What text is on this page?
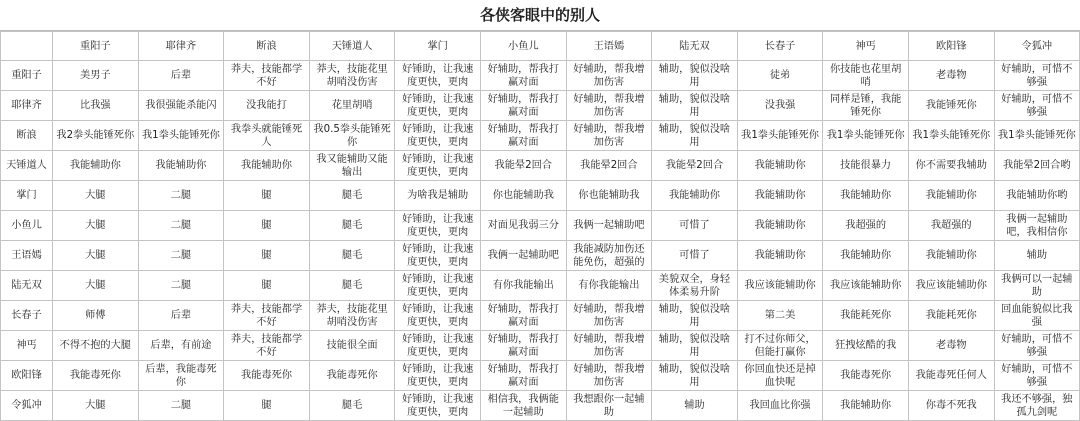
各侠客眼中的别人
	重阳子	耶律齐	断浪	天锤道人	掌门	小鱼儿	王语嫣	陆无双	长春子	神丐	欧阳锋	令狐冲
重阳子	美男子	后辈	莽夫，技能都学不好	莽夫，技能花里胡哨没伤害	好锤助，让我速度更快，更肉	好辅助，帮我打赢对面	好辅助，帮我增加伤害	辅助，貌似没啥用	徒弟	你技能也花里胡哨	老毒物	好辅助，可惜不够强
耶律齐	比我强	我很强能杀能闪	没我能打	花里胡哨	好锤助，让我速度更快，更肉	好辅助，帮我打赢对面	好辅助，帮我增加伤害	辅助，貌似没啥用	没我强	同样是锤，我能锤死你	我能锤死你	好辅助，可惜不够强
断浪	我2拳头能锤死你	我1拳头能锤死你	我拳头就能锤死人	我0.5拳头能锤死你	好锤助，让我速度更快，更肉	好辅助，帮我打赢对面	好辅助，帮我增加伤害	辅助，貌似没啥用	我1拳头能锤死你	我1拳头能锤死你	我1拳头能锤死你	我1拳头能锤死你
天锤道人	我能辅助你	我能辅助你	我能辅助你	我又能辅助又能输出	好锤助，让我速度更快，更肉	我能晕2回合	我能晕2回合	我能晕2回合	我能辅助你	技能很暴力	你不需要我辅助	我能晕2回合哟
掌门	大腿	二腿	腿	腿毛	为啥我是辅助	你也能辅助我	你也能辅助我	我能辅助你	我能辅助你	我能辅助你	我能辅助你	我能辅助你哟
小鱼儿	大腿	二腿	腿	腿毛	好锤助，让我速度更快，更肉	对面见我弱三分	我俩一起辅助吧	可惜了	我能辅助你	我超强的	我超强的	我俩一起辅助吧，我相信你
王语嫣	大腿	二腿	腿	腿毛	好锤助，让我速度更快，更肉	我俩一起辅助吧	我能减防加伤还能免伤，超强的	可惜了	我能辅助你	我能辅助你	我能辅助你	辅助
陆无双	大腿	二腿	腿	腿毛	好锤助，让我速度更快，更肉	有你我能输出	有你我能输出	美貌双全，身轻体柔易升阶	我应该能辅助你	我应该能辅助你	我应该能辅助你	我俩可以一起辅助
长春子	师傅	后辈	莽夫，技能都学不好	莽夫，技能花里胡哨没伤害	好锤助，让我速度更快，更肉	好辅助，帮我打赢对面	好辅助，帮我增加伤害	辅助，貌似没啥用	第二美	我能耗死你	我能耗死你	回血能貌似比我强
神丐	不得不抱的大腿	后辈，有前途	莽夫，技能都学不好	技能很全面	好锤助，让我速度更快，更肉	好辅助，帮我打赢对面	好辅助，帮我增加伤害	辅助，貌似没啥用	打不过你师父，但能打赢你	狂拽炫酷的我	老毒物	好辅助，可惜不够强
欧阳锋	我能毒死你	后辈，我能毒死你	我能毒死你	我能毒死你	好锤助，让我速度更快，更肉	好辅助，帮我打赢对面	好辅助，帮我增加伤害	辅助，貌似没啥用	你回血快还是掉血快呢	我能毒死你	我能毒死任何人	好辅助，可惜不够强
令狐冲	大腿	二腿	腿	腿毛	好锤助，让我速度更快，更肉	相信我，我俩能一起辅助	我想跟你一起辅助	辅助	我回血比你强	我能辅助你	你毒不死我	我还不够强，独孤九剑呢
